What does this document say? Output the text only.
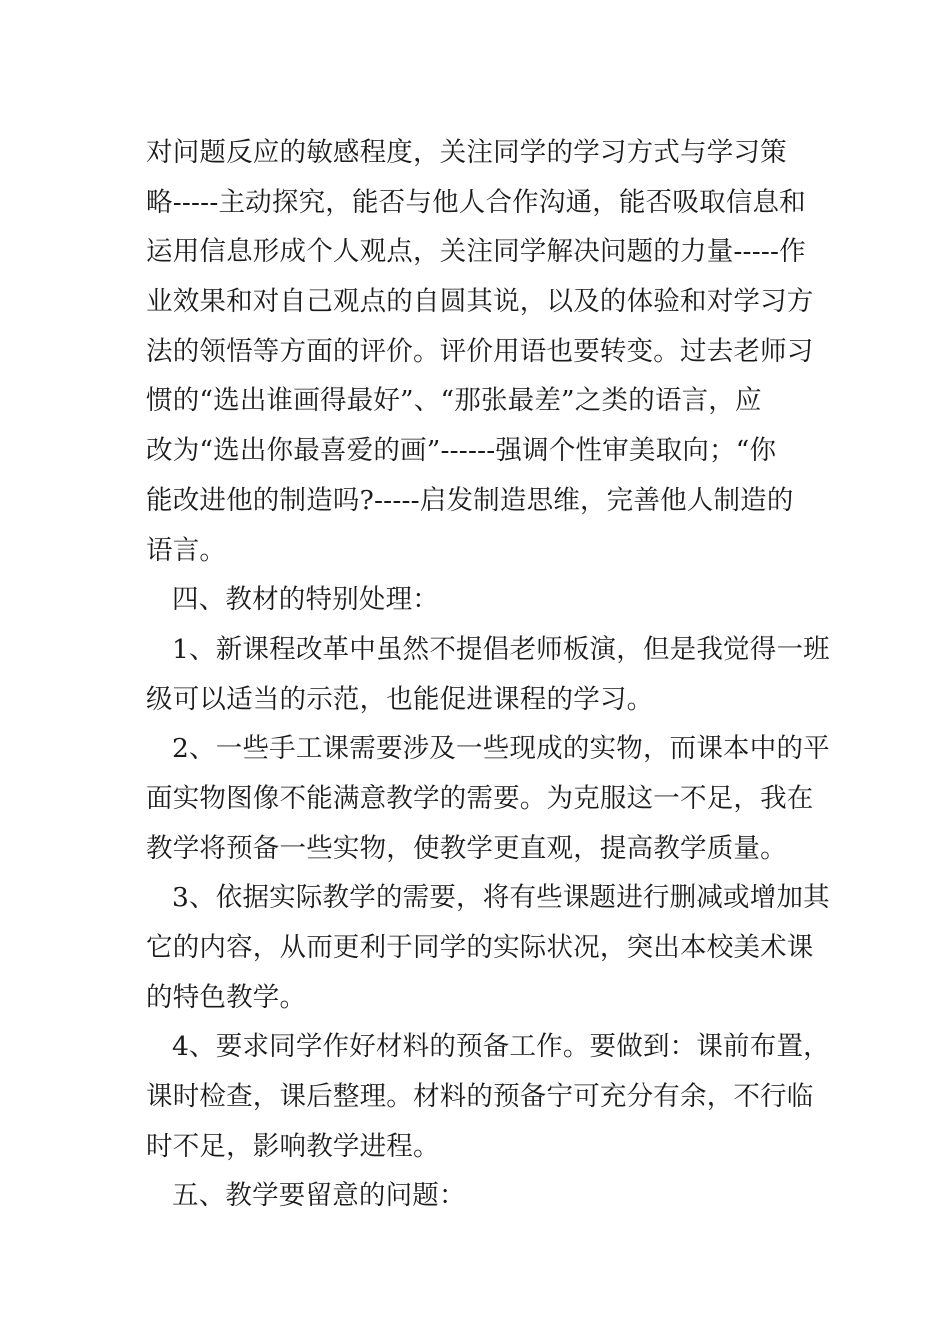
对问题反应的敏感程度，关注同学的学习方式与学习策
略-----主动探究，能否与他人合作沟通，能否吸取信息和
运用信息形成个人观点，关注同学解决问题的力量-----作
业效果和对自己观点的自圆其说，以及的体验和对学习方
法的领悟等方面的评价。评价用语也要转变。过去老师习
惯的“选出谁画得最好”、“那张最差”之类的语言，应
改为“选出你最喜爱的画”------强调个性审美取向；“你
能改进他的制造吗?-----启发制造思维，完善他人制造的
语言。
四、教材的特别处理：
1、新课程改革中虽然不提倡老师板演，但是我觉得一班
级可以适当的示范，也能促进课程的学习。
2、一些手工课需要涉及一些现成的实物，而课本中的平
面实物图像不能满意教学的需要。为克服这一不足，我在
教学将预备一些实物，使教学更直观，提高教学质量。
3、依据实际教学的需要，将有些课题进行删减或增加其
它的内容，从而更利于同学的实际状况，突出本校美术课
的特色教学。
4、要求同学作好材料的预备工作。要做到：课前布置，
课时检查，课后整理。材料的预备宁可充分有余，不行临
时不足，影响教学进程。
五、教学要留意的问题：
